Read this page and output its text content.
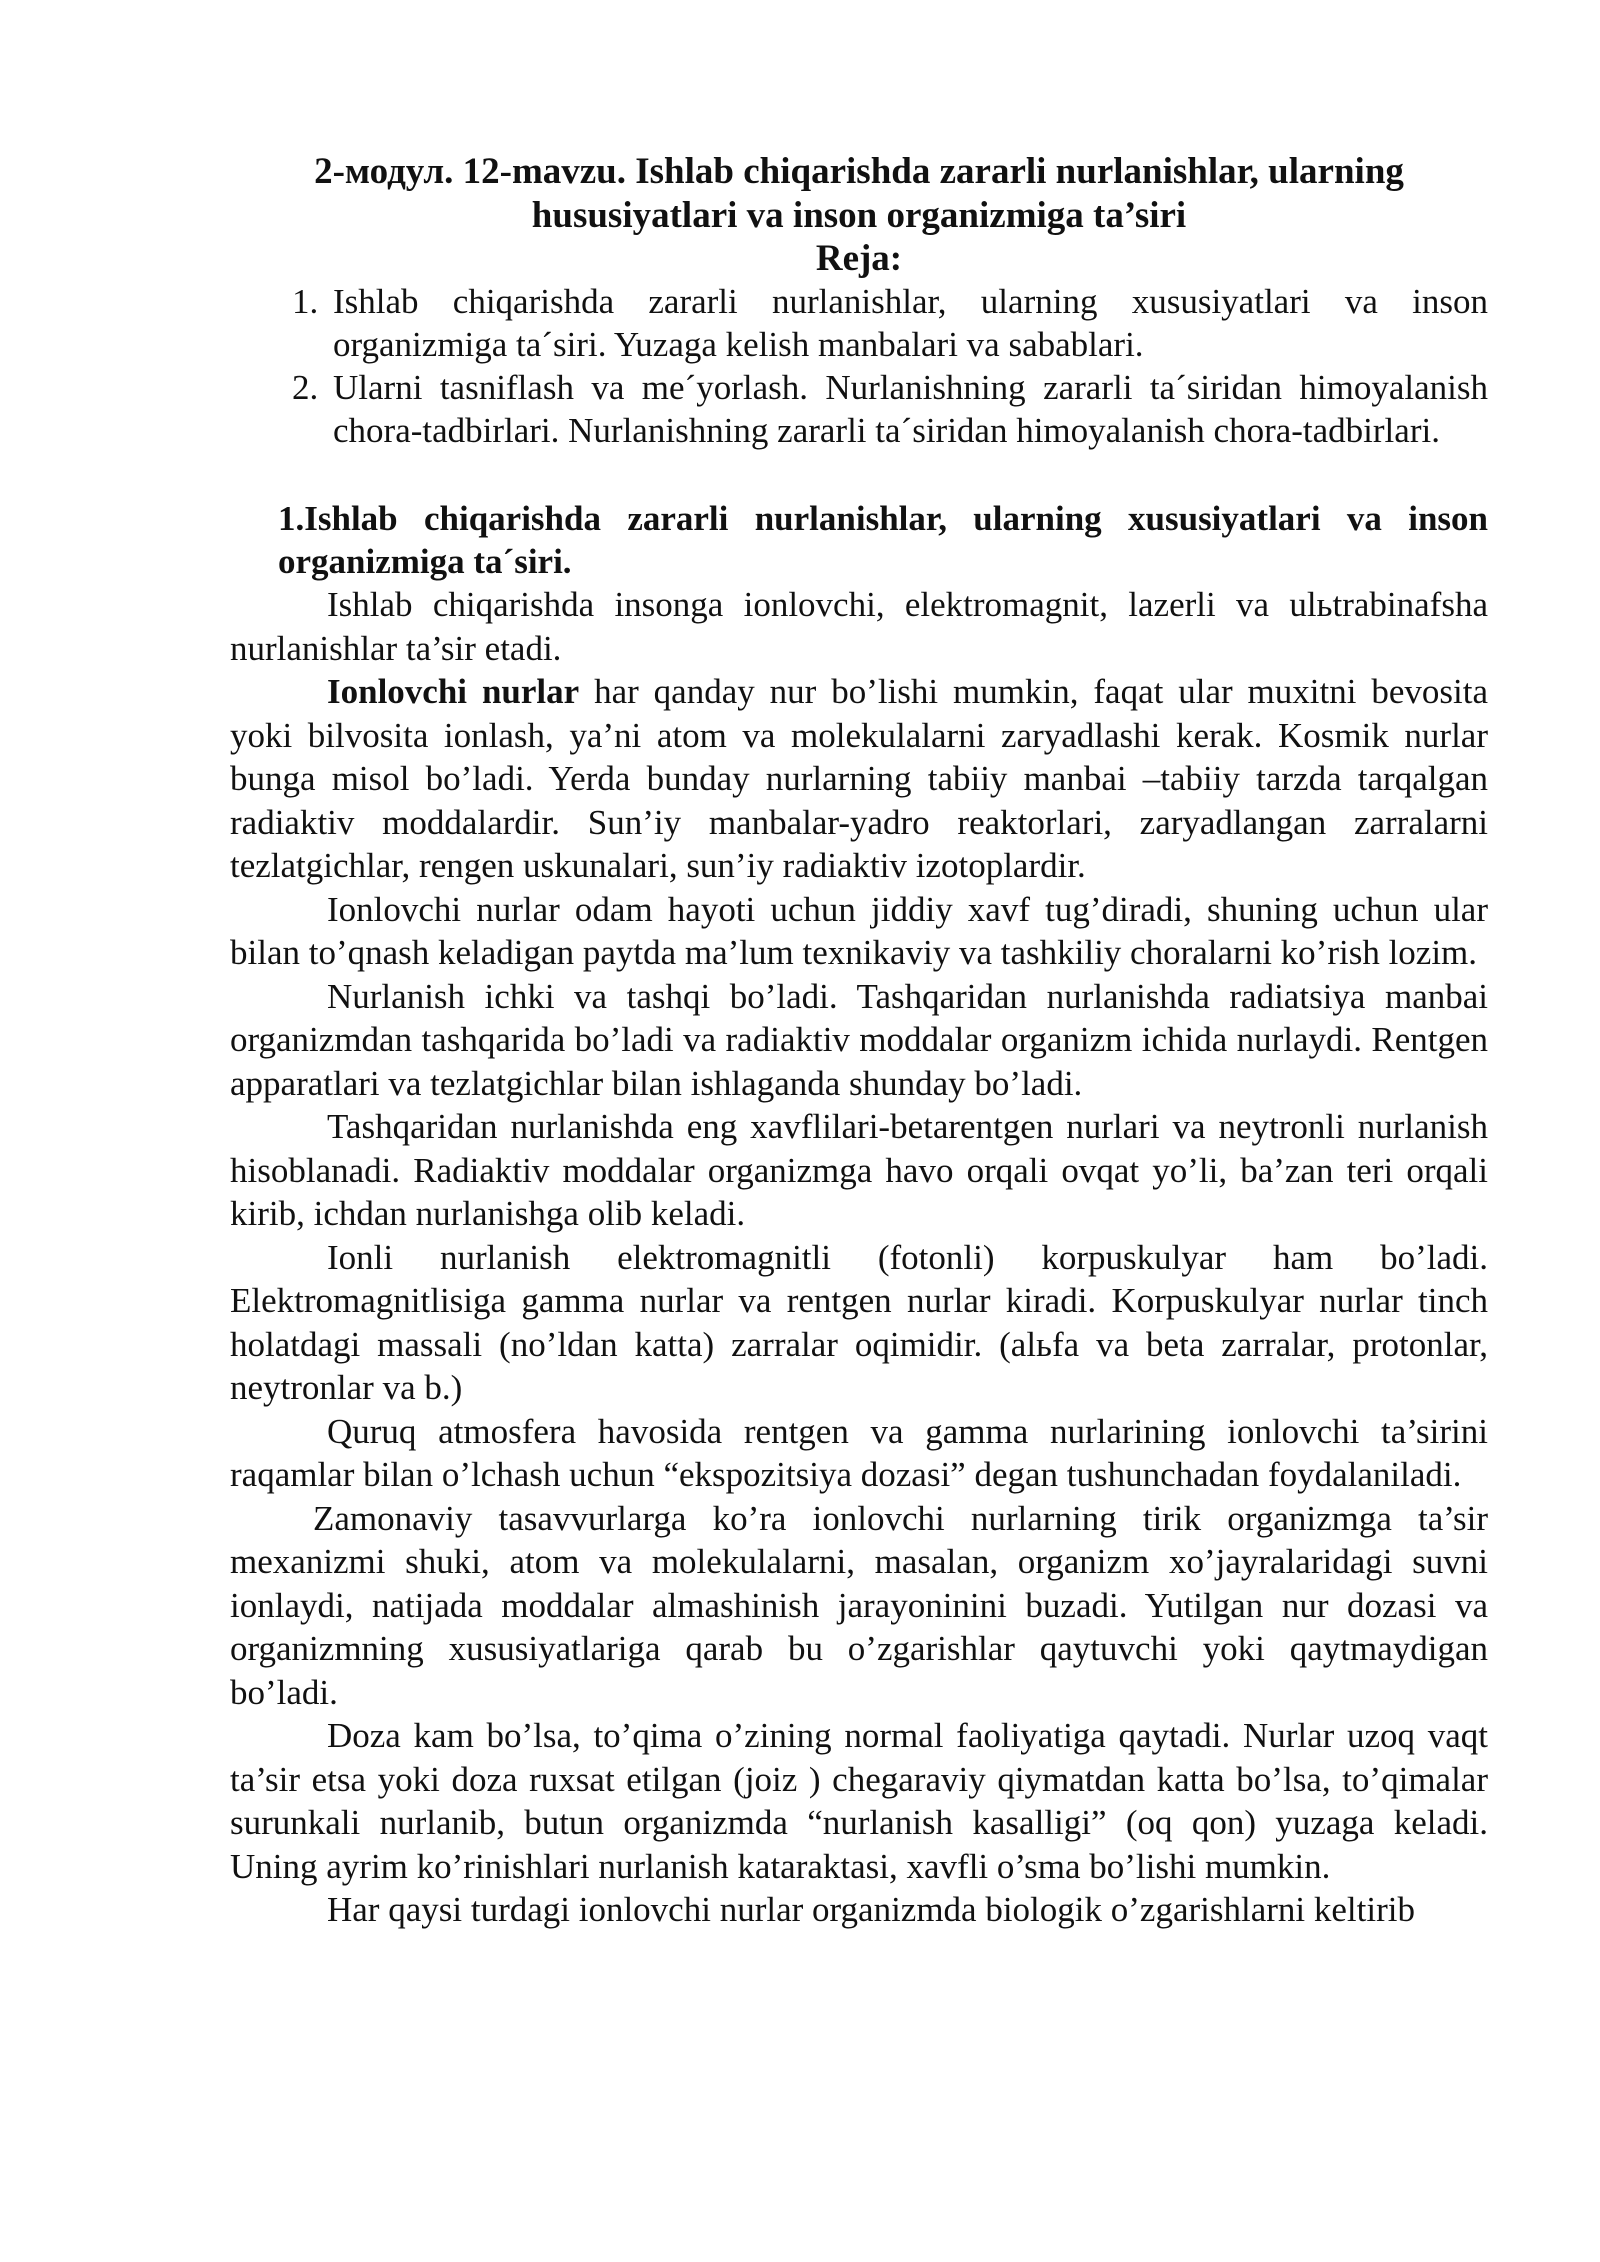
2-модул. 12-mavzu. Ishlab chiqarishda zararli nurlanishlar, ularning

hususiyatlari va inson organizmiga ta’siri

Reja:

1. Ishlab chiqarishda zararli nurlanishlar, ularning xususiyatlari va inson organizmiga ta´siri. Yuzaga kelish manbalari va sabablari.
2. Ularni tasniflash va me´yorlash. Nurlanishning zararli ta´siridan himoyalanish chora-tadbirlari. Nurlanishning zararli ta´siridan himoyalanish chora-tadbirlari.
1.Ishlab chiqarishda zararli nurlanishlar, ularning xususiyatlari va inson organizmiga ta´siri.

Ishlab chiqarishda insonga ionlovchi, elektromagnit, lazerli va ulьtrabinafsha nurlanishlar ta’sir etadi.

Ionlovchi nurlar har qanday nur bo’lishi mumkin, faqat ular muxitni bevosita yoki bilvosita ionlash, ya’ni atom va molekulalarni zaryadlashi kerak. Kosmik nurlar bunga misol bo’ladi. Yerda bunday nurlarning tabiiy manbai –tabiiy tarzda tarqalgan radiaktiv moddalardir. Sun’iy manbalar-yadro reaktorlari, zaryadlangan zarralarni tezlatgichlar, rengen uskunalari, sun’iy radiaktiv izotoplardir.

Ionlovchi nurlar odam hayoti uchun jiddiy xavf tug’diradi, shuning uchun ular bilan to’qnash keladigan paytda ma’lum texnikaviy va tashkiliy choralarni ko’rish lozim.

Nurlanish ichki va tashqi bo’ladi. Tashqaridan nurlanishda radiatsiya manbai organizmdan tashqarida bo’ladi va radiaktiv moddalar organizm ichida nurlaydi. Rentgen apparatlari va tezlatgichlar bilan ishlaganda shunday bo’ladi.

Tashqaridan nurlanishda eng xavflilari-betarentgen nurlari va neytronli nurlanish hisoblanadi. Radiaktiv moddalar organizmga havo orqali ovqat yo’li, ba’zan teri orqali kirib, ichdan nurlanishga olib keladi.

Ionli nurlanish elektromagnitli (fotonli) korpuskulyar ham bo’ladi. Elektromagnitlisiga gamma nurlar va rentgen nurlar kiradi. Korpuskulyar nurlar tinch holatdagi massali (no’ldan katta) zarralar oqimidir. (alьfa va beta zarralar, protonlar, neytronlar va b.)

Quruq atmosfera havosida rentgen va gamma nurlarining ionlovchi ta’sirini raqamlar bilan o’lchash uchun “ekspozitsiya dozasi” degan tushunchadan foydalaniladi.

Zamonaviy tasavvurlarga ko’ra ionlovchi nurlarning tirik organizmga ta’sir mexanizmi shuki, atom va molekulalarni, masalan, organizm xo’jayralaridagi suvni ionlaydi, natijada moddalar almashinish jarayoninini buzadi. Yutilgan nur dozasi va organizmning xususiyatlariga qarab bu o’zgarishlar qaytuvchi yoki qaytmaydigan bo’ladi.

Doza kam bo’lsa, to’qima o’zining normal faoliyatiga qaytadi. Nurlar uzoq vaqt ta’sir etsa yoki doza ruxsat etilgan (joiz ) chegaraviy qiymatdan katta bo’lsa, to’qimalar surunkali nurlanib, butun organizmda “nurlanish kasalligi” (oq qon) yuzaga keladi. Uning ayrim ko’rinishlari nurlanish kataraktasi, xavfli o’sma bo’lishi mumkin.

Har qaysi turdagi ionlovchi nurlar organizmda biologik o’zgarishlarni keltirib
